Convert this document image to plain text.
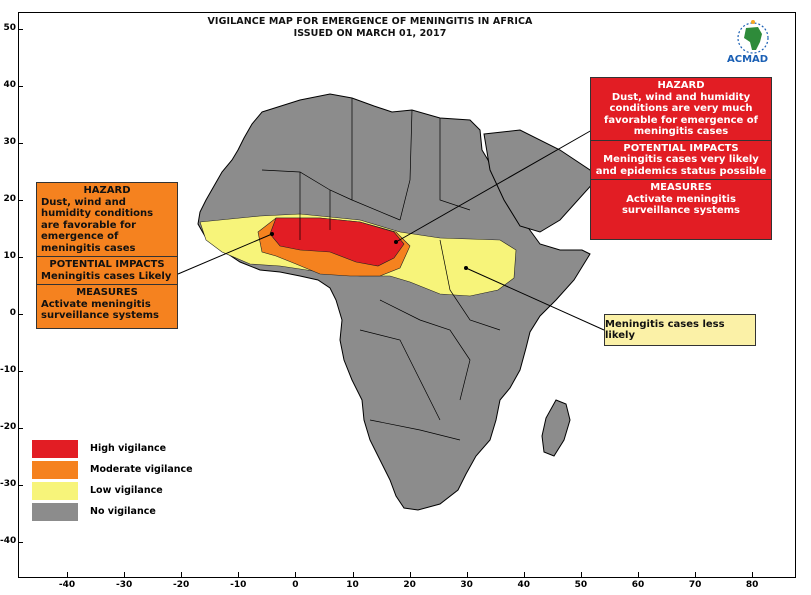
50
40
30
20
10
0
-10
-20
-30
-40
-40	-30	-20	-10	0	10	20	30	40	50	60	70	80
VIGILANCE MAP FOR EMERGENCE OF MENINGITIS IN AFRICA
ISSUED ON MARCH 01, 2017
ACMAD
HAZARD
Dust, wind and humidity conditions are favorable for emergence of meningitis cases
POTENTIAL IMPACTS
Meningitis cases Likely
MEASURES
Activate meningitis surveillance systems
HAZARD
Dust, wind and humidity conditions are very much favorable for emergence of meningitis cases
POTENTIAL IMPACTS
Meningitis cases very likely and epidemics status possible
MEASURES
Activate meningitis surveillance systems
Meningitis cases less likely
High vigilance
Moderate vigilance
Low vigilance
No vigilance
